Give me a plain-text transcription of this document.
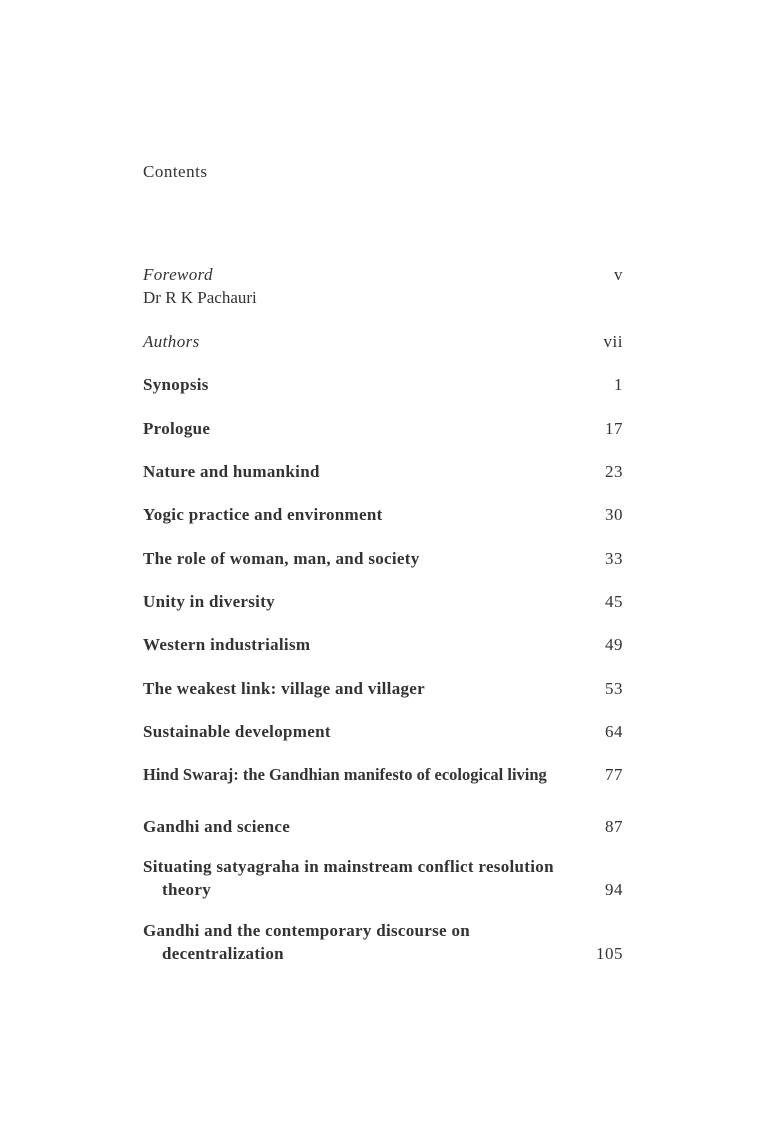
Contents
Foreword	v
Dr R K Pachauri
Authors	vii
Synopsis	1
Prologue	17
Nature and humankind	23
Yogic practice and environment	30
The role of woman, man, and society	33
Unity in diversity	45
Western industrialism	49
The weakest link: village and villager	53
Sustainable development	64
Hind Swaraj: the Gandhian manifesto of ecological living	77
Gandhi and science	87
Situating satyagraha in mainstream conflict resolution
theory	94
Gandhi and the contemporary discourse on
decentralization	105
